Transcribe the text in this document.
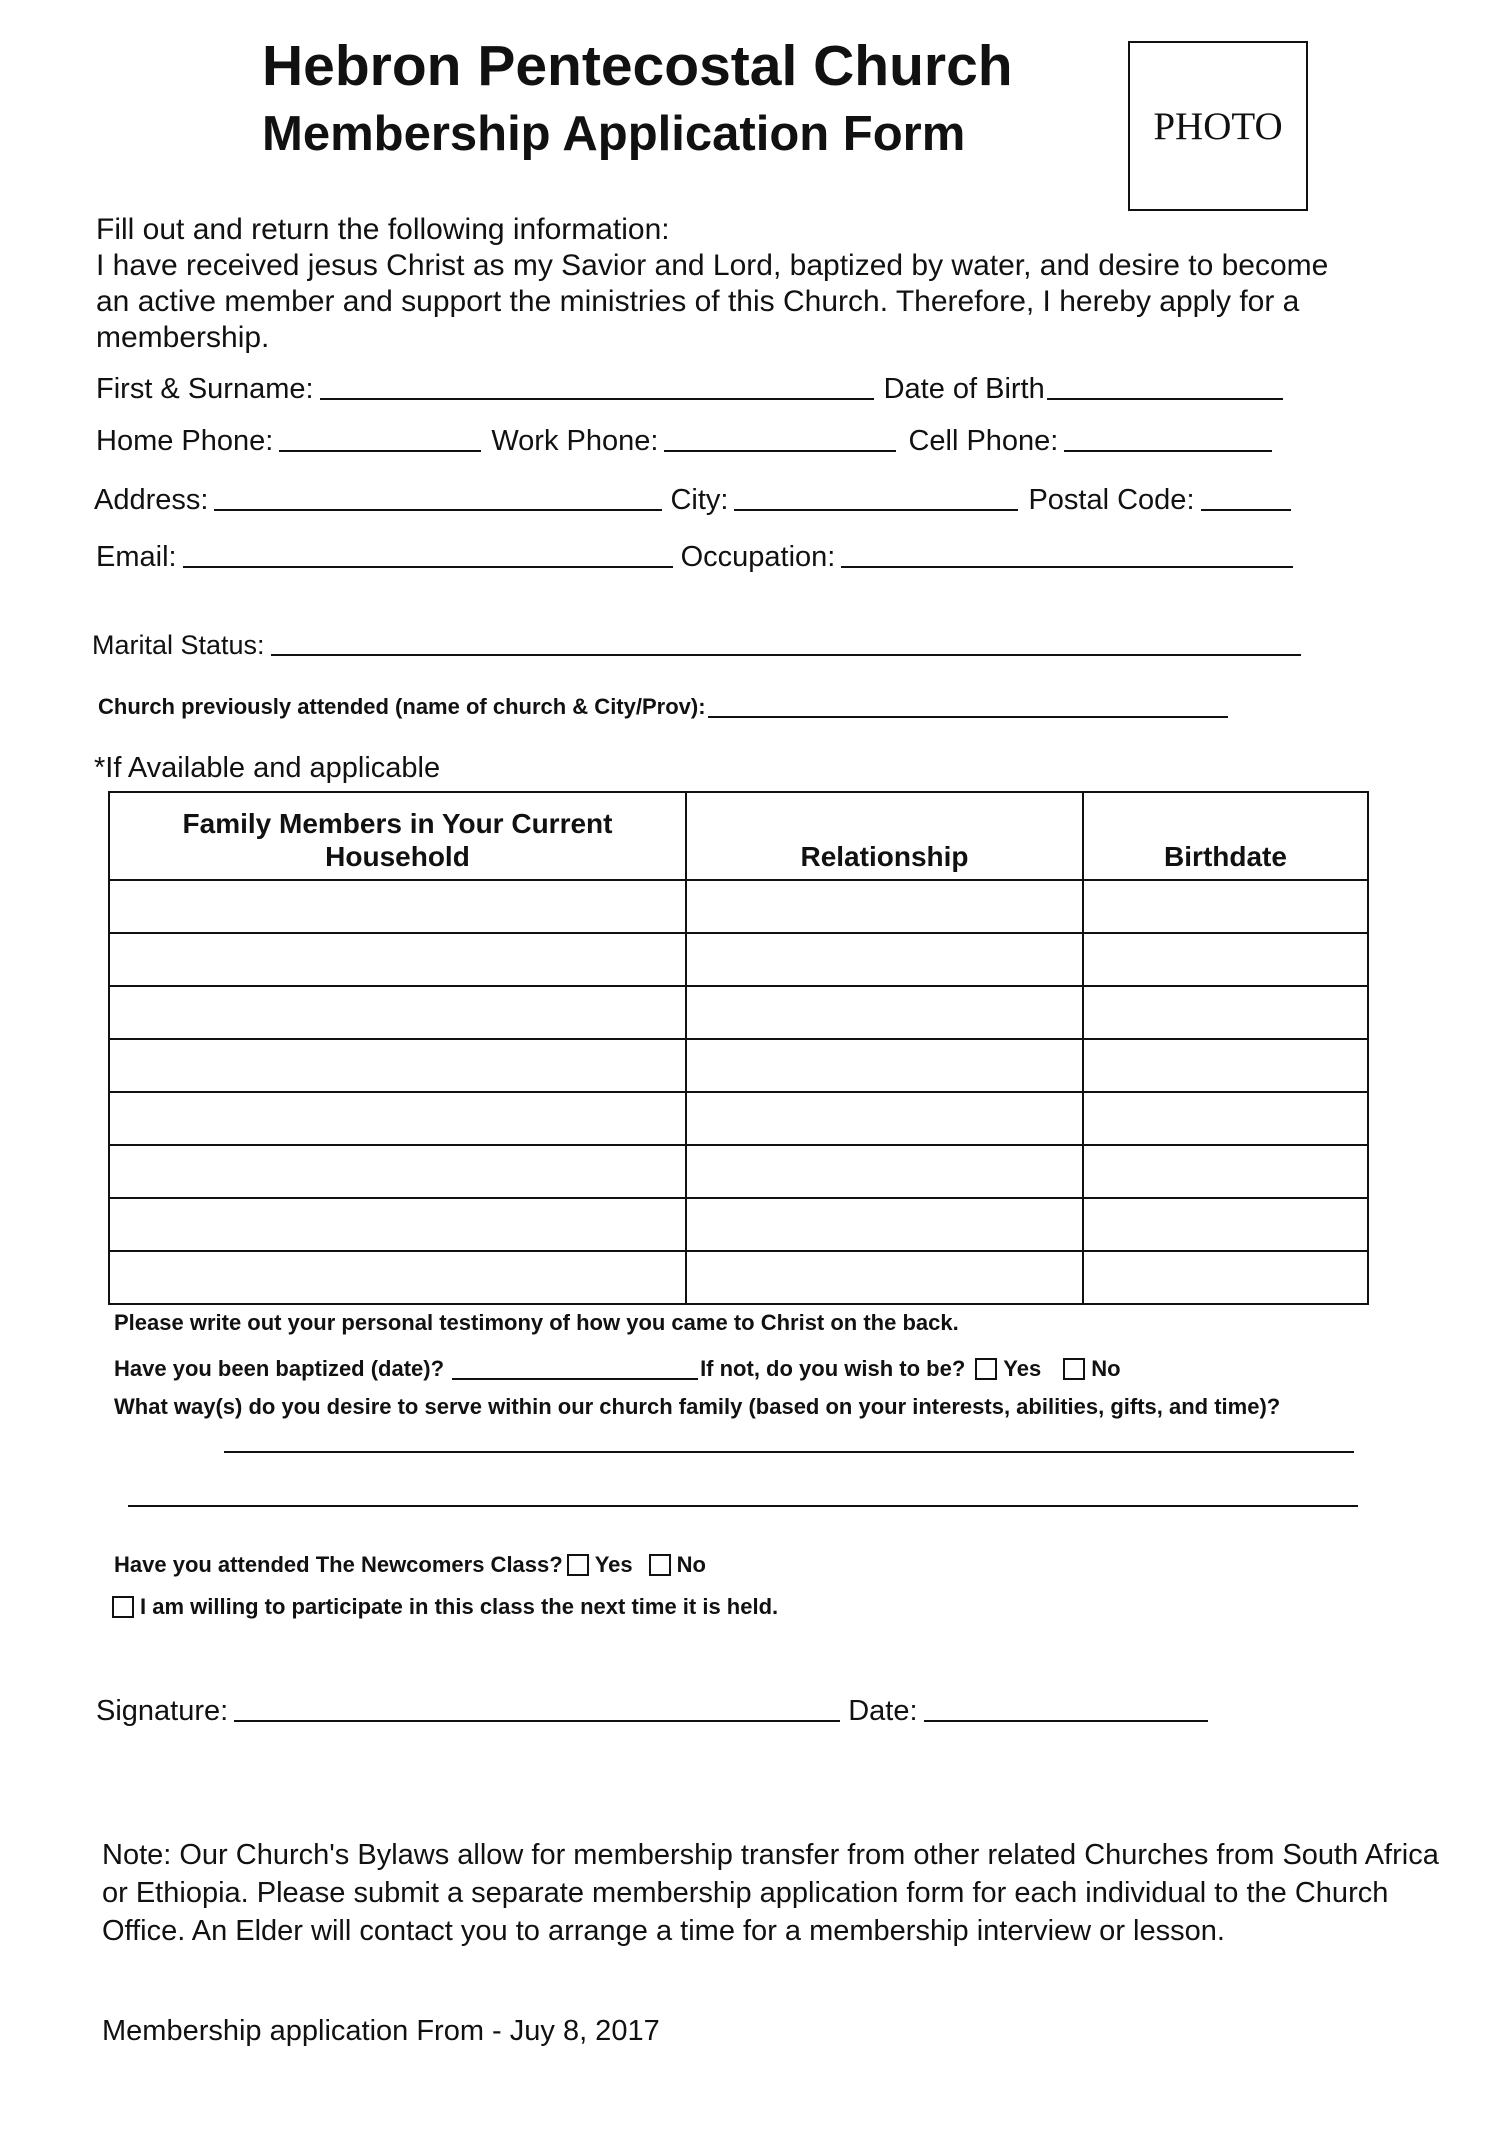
Hebron Pentecostal Church
Membership Application Form	PHOTO
Fill out and return the following information:
I have received jesus Christ as my Savior and Lord, baptized by water, and desire to become an active member and support the ministries of this Church. Therefore, I hereby apply for a membership.
First & Surname:	Date of Birth
Home Phone:	Work Phone:	Cell Phone:
Address:	City:	Postal Code:
Email:	Occupation:
Marital Status:
Church previously attended (name of church & City/Prov):
*If Available and applicable
Family Members in Your Current Household	Relationship	Birthdate

Please write out your personal testimony of how you came to Christ on the back.
Have you been baptized (date)?	If not, do you wish to be? Yes No
What way(s) do you desire to serve within our church family (based on your interests, abilities, gifts, and time)?
Have you attended The Newcomers Class? Yes No
I am willing to participate in this class the next time it is held.
Signature:	Date:
Note: Our Church's Bylaws allow for membership transfer from other related Churches from South Africa or Ethiopia. Please submit a separate membership application form for each individual to the Church Office. An Elder will contact you to arrange a time for a membership interview or lesson.
Membership application From - Juy 8, 2017
